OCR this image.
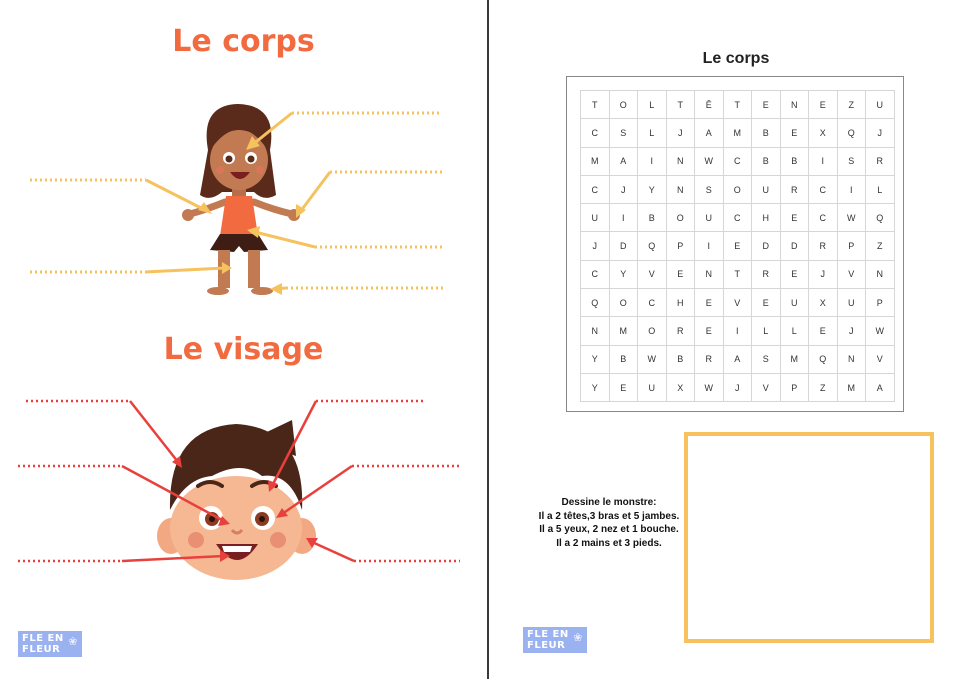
Le corps
Le visage
FLE EN
FLEUR
❀
Le corps
T	O	L	T	Ê	T	E	N	E	Z	U
C	S	L	J	A	M	B	E	X	Q	J
M	A	I	N	W	C	B	B	I	S	R
C	J	Y	N	S	O	U	R	C	I	L
U	I	B	O	U	C	H	E	C	W	Q
J	D	Q	P	I	E	D	D	R	P	Z
C	Y	V	E	N	T	R	E	J	V	N
Q	O	C	H	E	V	E	U	X	U	P
N	M	O	R	E	I	L	L	E	J	W
Y	B	W	B	R	A	S	M	Q	N	V
Y	E	U	X	W	J	V	P	Z	M	A
Dessine le monstre:
Il a 2 têtes,3 bras et 5 jambes.
Il a 5 yeux, 2 nez et 1 bouche.
Il a 2 mains et 3 pieds.
FLE EN
FLEUR
❀
